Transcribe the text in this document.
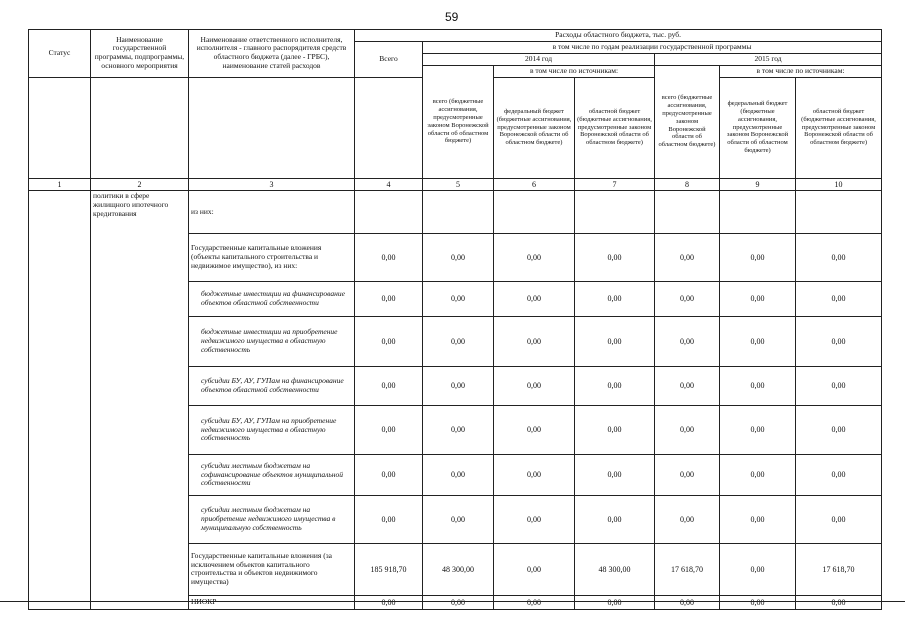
59
Статус	Наименование государственной программы, подпрограммы, основного мероприятия	Наименование ответственного исполнителя, исполнителя - главного распорядителя средств областного бюджета (далее - ГРБС), наименование статей расходов	Расходы областного бюджета, тыс. руб.						
			Всего	в том числе по годам реализации государственной программы					
				2014 год			2015 год		
				всего (бюджетные ассигнования, предусмотренные законом Воронежской области об областном бюджете)	в том числе по источникам:		всего (бюджетные ассигнования, предусмотренные законом Воронежской области об областном бюджете)	в том числе по источникам:	
					федеральный бюджет (бюджетные ассигнования, предусмотренные законом Воронежской области об областном бюджете)	областной бюджет (бюджетные ассигнования, предусмотренные законом Воронежской области об областном бюджете)		федеральный бюджет (бюджетные ассигнования, предусмотренные законом Воронежской области об областном бюджете)	областной бюджет (бюджетные ассигнования, предусмотренные законом Воронежской области об областном бюджете)
1	2	3	4	5	6	7	8	9	10
	политики в сфере жилищного ипотечного кредитования	из них:							
		Государственные капитальные вложения (объекты капитального строительства и недвижимое имущество), из них:	0,00	0,00	0,00	0,00	0,00	0,00	0,00
		бюджетные инвестиции на финансирование объектов областной собственности	0,00	0,00	0,00	0,00	0,00	0,00	0,00
		бюджетные инвестиции на приобретение недвижимого имущества в областную собственность	0,00	0,00	0,00	0,00	0,00	0,00	0,00
		субсидии БУ, АУ, ГУПам на финансирование объектов областной собственности	0,00	0,00	0,00	0,00	0,00	0,00	0,00
		субсидии БУ, АУ, ГУПам на приобретение недвижимого имущества в областную собственность	0,00	0,00	0,00	0,00	0,00	0,00	0,00
		субсидии местным бюджетам на софинансирование объектов муниципальной собственности	0,00	0,00	0,00	0,00	0,00	0,00	0,00
		субсидии местным бюджетам на приобретение недвижимого имущества в муниципальную собственность	0,00	0,00	0,00	0,00	0,00	0,00	0,00
		Государственные капитальные вложения (за исключением объектов капитального строительства и объектов недвижимого имущества)	185 918,70	48 300,00	0,00	48 300,00	17 618,70	0,00	17 618,70
		НИОКР	0,00	0,00	0,00	0,00	0,00	0,00	0,00
